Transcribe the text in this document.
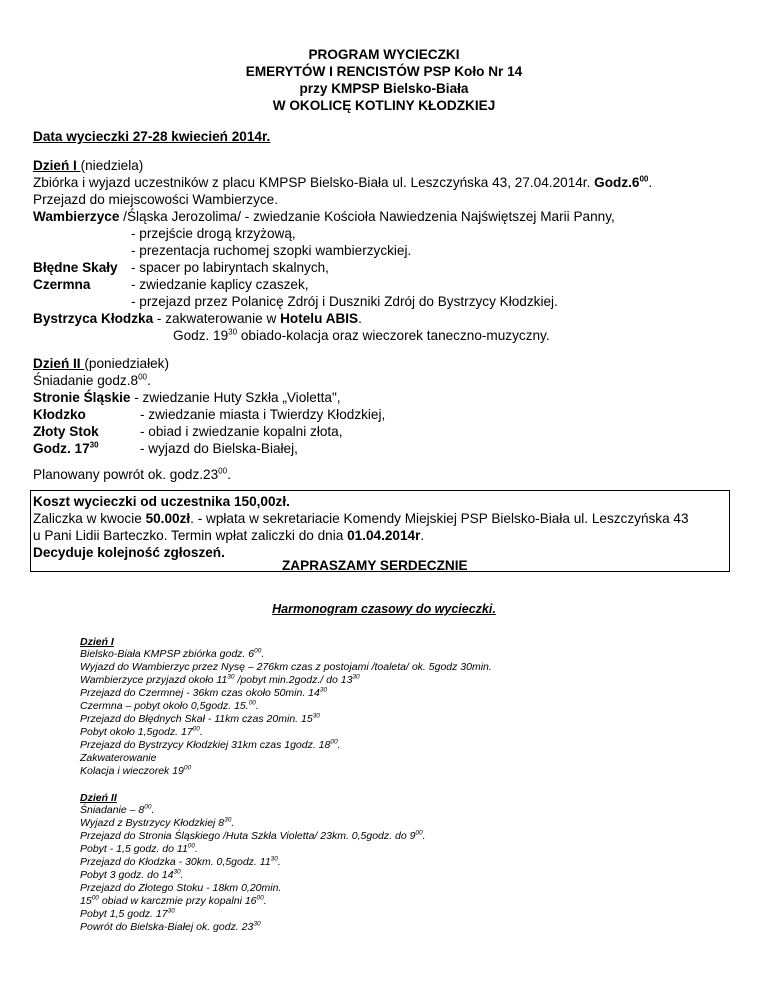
PROGRAM WYCIECZKI
EMERYTÓW I RENCISTÓW PSP Koło Nr 14
przy KMPSP Bielsko-Biała
W OKOLICĘ KOTLINY KŁODZKIEJ
Data wycieczki 27-28 kwiecień 2014r.
Dzień I (niedziela)
Zbiórka i wyjazd uczestników z placu KMPSP Bielsko-Biała ul. Leszczyńska 43, 27.04.2014r. $Godz.6^{00}$.
Przejazd do miejscowości Wambierzyce.
Wambierzyce /Śląska Jerozolima/ - zwiedzanie Kościoła Nawiedzenia Najświętszej Marii Panny,
- przejście drogą krzyżową,
- prezentacja ruchomej szopki wambierzyckiej.
Błędne Skały - spacer po labiryntach skalnych,
Czermna	- zwiedzanie kaplicy czaszek,
- przejazd przez Polanicę Zdrój i Duszniki Zdrój do Bystrzycy Kłodzkiej.
Bystrzyca Kłodzka - zakwaterowanie w Hotelu ABIS.
Godz. $19^{30}$ obiado-kolacja oraz wieczorek taneczno-muzyczny.
Dzień II (poniedziałek)
Śniadanie $godz.8^{00}$.
Stronie Śląskie - zwiedzanie Huty Szkła „Violetta",
Kłodzko	- zwiedzanie miasta i Twierdzy Kłodzkiej,
Złoty Stok	- obiad i zwiedzanie kopalni złota,
Godz. $17^{30}$	- wyjazd do Bielska-Białej,
Planowany powrót ok. $godz.23^{00}$.
Koszt wycieczki od uczestnika 150,00zł.
Zaliczka w kwocie 50.00zł. - wpłata w sekretariacie Komendy Miejskiej PSP Bielsko-Biała ul. Leszczyńska 43
u Pani Lidii Barteczko. Termin wpłat zaliczki do dnia 01.04.2014r.
Decyduje kolejność zgłoszeń.
ZAPRASZAMY SERDECZNIE
Harmonogram czasowy do wycieczki.
Dzień I
Bielsko-Biała KMPSP zbiórka godz. $6^{00}$.
Wyjazd do Wambierzyc przez Nysę – 276km czas z postojami /toaleta/ ok. 5godz 30min.
Wambierzyce przyjazd około $11^{30}$ /pobyt min.2godz./ do $13^{30}$
Przejazd do Czermnej - 36km czas około 50min. $14^{30}$
Czermna – pobyt około 0,5godz. 15.00.
Przejazd do Błędnych Skał - 11km czas 20min. $15^{30}$
Pobyt około 1,5godz. $17^{00}$.
Przejazd do Bystrzycy Kłodzkiej 31km czas 1godz. $18^{00}$.
Zakwaterowanie
Kolacja i wieczorek $19^{00}$
Dzień II
Śniadanie – $8^{00}$.
Wyjazd z Bystrzycy Kłodzkiej $8^{30}$.
Przejazd do Stronia Śląskiego /Huta Szkła Violetta/ 23km. 0,5godz. do $9^{00}$.
Pobyt - 1,5 godz. do $11^{00}$.
Przejazd do Kłodzka - 30km. 0,5godz. $11^{30}$.
Pobyt 3 godz. do $14^{30}$.
Przejazd do Złotego Stoku - 18km 0,20min.
$15^{00}$ obiad w karczmie przy kopalni $16^{00}$.
Pobyt 1,5 godz. $17^{30}$
Powrót do Bielska-Białej ok. godz. $23^{30}$
